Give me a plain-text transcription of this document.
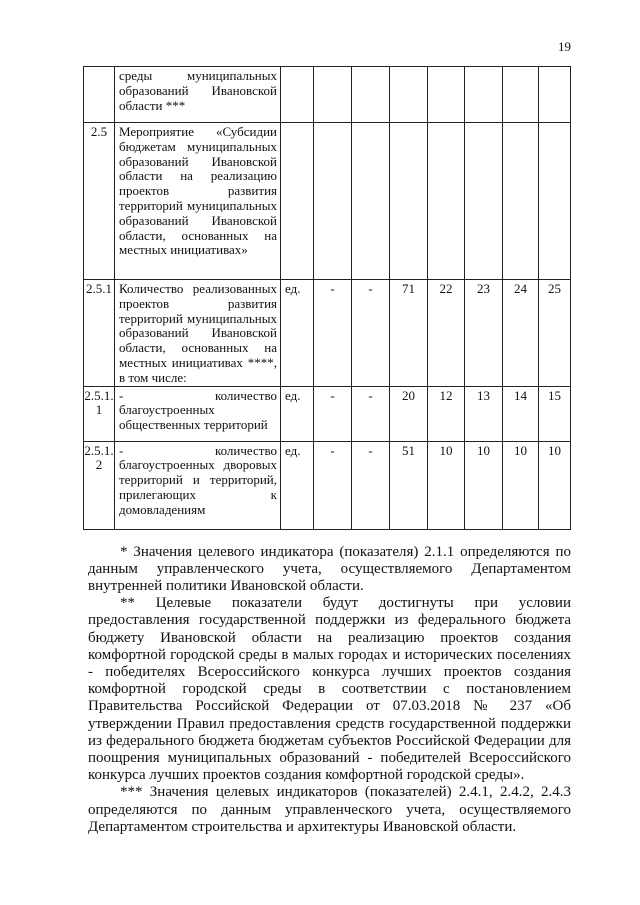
19
	среды муниципальных образований Ивановской области ***								
2.5	Мероприятие «Субсидии бюджетам муниципальных образований Ивановской области на реализацию проектов развития территорий муниципальных образований Ивановской области, основанных на местных инициативах»								
2.5.1	Количество реализованных проектов развития территорий муниципальных образований Ивановской области, основанных на местных инициативах ****, в том числе:	ед.	-	-	71	22	23	24	25
2.5.1.1	- количество благоустроенных общественных территорий	ед.	-	-	20	12	13	14	15
2.5.1.2	- количество благоустроенных дворовых территорий и территорий, прилегающих к домовладениям	ед.	-	-	51	10	10	10	10

* Значения целевого индикатора (показателя) 2.1.1 определяются по данным управленческого учета, осуществляемого Департаментом внутренней политики Ивановской области.

** Целевые показатели будут достигнуты при условии предоставления государственной поддержки из федерального бюджета бюджету Ивановской области на реализацию проектов создания комфортной городской среды в малых городах и исторических поселениях - победителях Всероссийского конкурса лучших проектов создания комфортной городской среды в соответствии с постановлением Правительства Российской Федерации от 07.03.2018 № 237 «Об утверждении Правил предоставления средств государственной поддержки из федерального бюджета бюджетам субъектов Российской Федерации для поощрения муниципальных образований - победителей Всероссийского конкурса лучших проектов создания комфортной городской среды».

*** Значения целевых индикаторов (показателей) 2.4.1, 2.4.2, 2.4.3 определяются по данным управленческого учета, осуществляемого Департаментом строительства и архитектуры Ивановской области.
